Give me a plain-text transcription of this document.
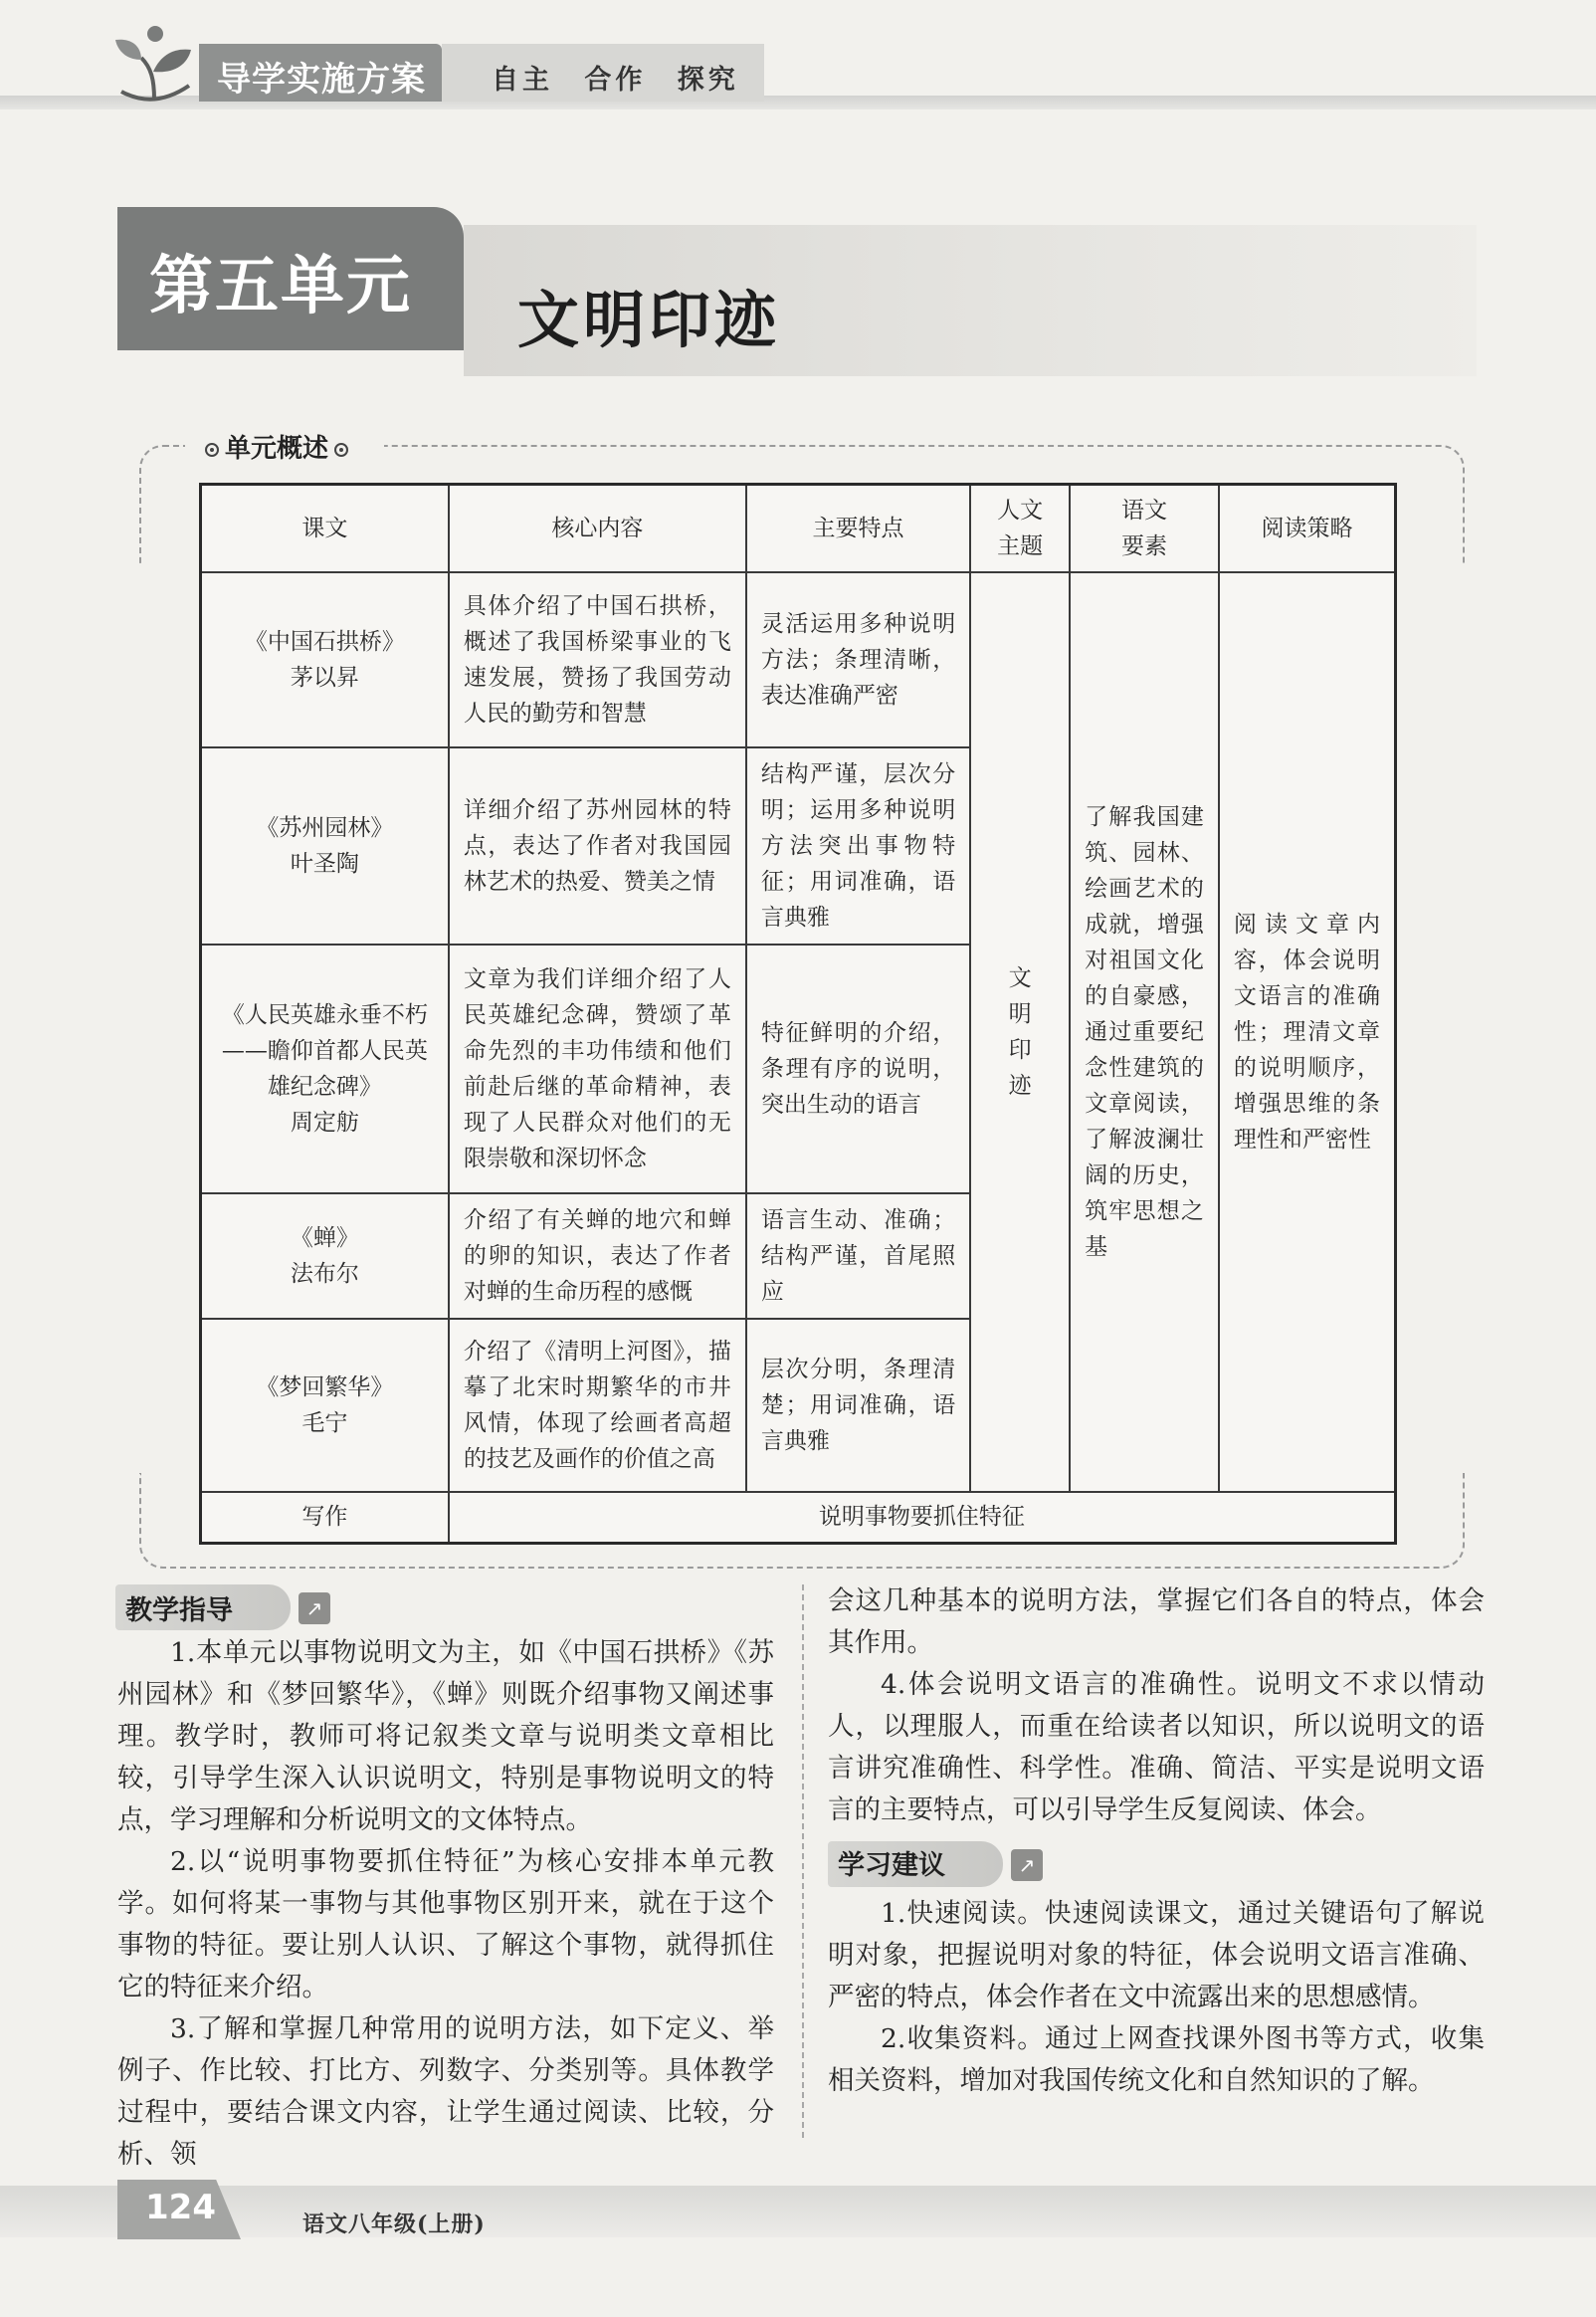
导学实施方案 自主 合作 探究
第五单元 文明印迹
单元概述
课文	核心内容	主要特点	人文主题	语文要素	阅读策略

《中国石拱桥》
茅以昇	具体介绍了中国石拱桥，概述了我国桥梁事业的飞速发展，赞扬了我国劳动人民的勤劳和智慧	灵活运用多种说明方法；条理清晰，表达准确严密	文明印迹	了解我国建筑、园林、绘画艺术的成就，增强对祖国文化的自豪感，通过重要纪念性建筑的文章阅读，了解波澜壮阔的历史，筑牢思想之基	阅读文章内容，体会说明文语言的准确性；理清文章的说明顺序，增强思维的条理性和严密性

《苏州园林》
叶圣陶	详细介绍了苏州园林的特点，表达了作者对我国园林艺术的热爱、赞美之情	结构严谨，层次分明；运用多种说明方法突出事物特征；用词准确，语言典雅			

《人民英雄永垂不朽——瞻仰首都人民英雄纪念碑》
周定舫	文章为我们详细介绍了人民英雄纪念碑，赞颂了革命先烈的丰功伟绩和他们前赴后继的革命精神，表现了人民群众对他们的无限崇敬和深切怀念	特征鲜明的介绍，条理有序的说明，突出生动的语言			

《蝉》
法布尔	介绍了有关蝉的地穴和蝉的卵的知识，表达了作者对蝉的生命历程的感慨	语言生动、准确；结构严谨，首尾照应			

《梦回繁华》
毛宁	介绍了《清明上河图》，描摹了北宋时期繁华的市井风情，体现了绘画者高超的技艺及画作的价值之高	层次分明，条理清楚；用词准确，语言典雅			
写作	说明事物要抓住特征				
教学指导	↗

1.本单元以事物说明文为主，如《中国石拱桥》《苏州园林》和《梦回繁华》，《蝉》则既介绍事物又阐述事理。教学时，教师可将记叙类文章与说明类文章相比较，引导学生深入认识说明文，特别是事物说明文的特点，学习理解和分析说明文的文体特点。

2.以“说明事物要抓住特征”为核心安排本单元教学。如何将某一事物与其他事物区别开来，就在于这个事物的特征。要让别人认识、了解这个事物，就得抓住它的特征来介绍。

3.了解和掌握几种常用的说明方法，如下定义、举例子、作比较、打比方、列数字、分类别等。具体教学过程中，要结合课文内容，让学生通过阅读、比较，分析、领

会这几种基本的说明方法，掌握它们各自的特点，体会其作用。

4.体会说明文语言的准确性。说明文不求以情动人，以理服人，而重在给读者以知识，所以说明文的语言讲究准确性、科学性。准确、简洁、平实是说明文语言的主要特点，可以引导学生反复阅读、体会。

学习建议	↗

1.快速阅读。快速阅读课文，通过关键语句了解说明对象，把握说明对象的特征，体会说明文语言准确、严密的特点，体会作者在文中流露出来的思想感情。

2.收集资料。通过上网查找课外图书等方式，收集相关资料，增加对我国传统文化和自然知识的了解。

124	语文八年级(上册)
